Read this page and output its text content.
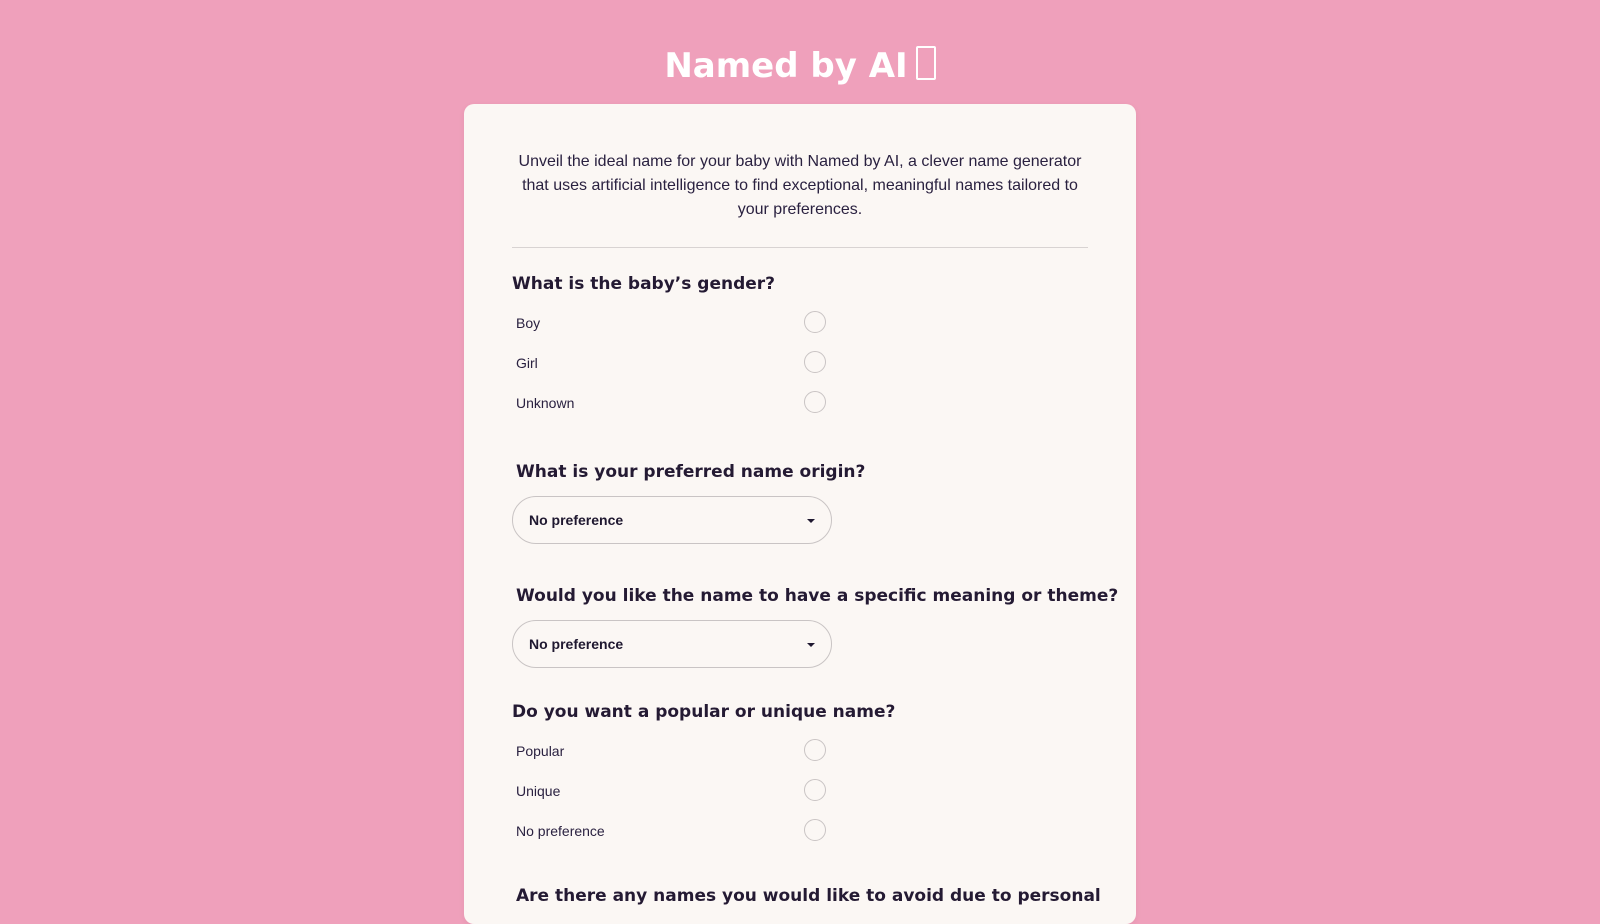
Named by AI

Unveil the ideal name for your baby with Named by AI, a clever name generator that uses artificial intelligence to find exceptional, meaningful names tailored to your preferences.

What is the baby’s gender?
Boy
Girl
Unknown
What is your preferred name origin?
No preference
Would you like the name to have a specific meaning or theme?
No preference
Do you want a popular or unique name?
Popular
Unique
No preference
Are there any names you would like to avoid due to personal
